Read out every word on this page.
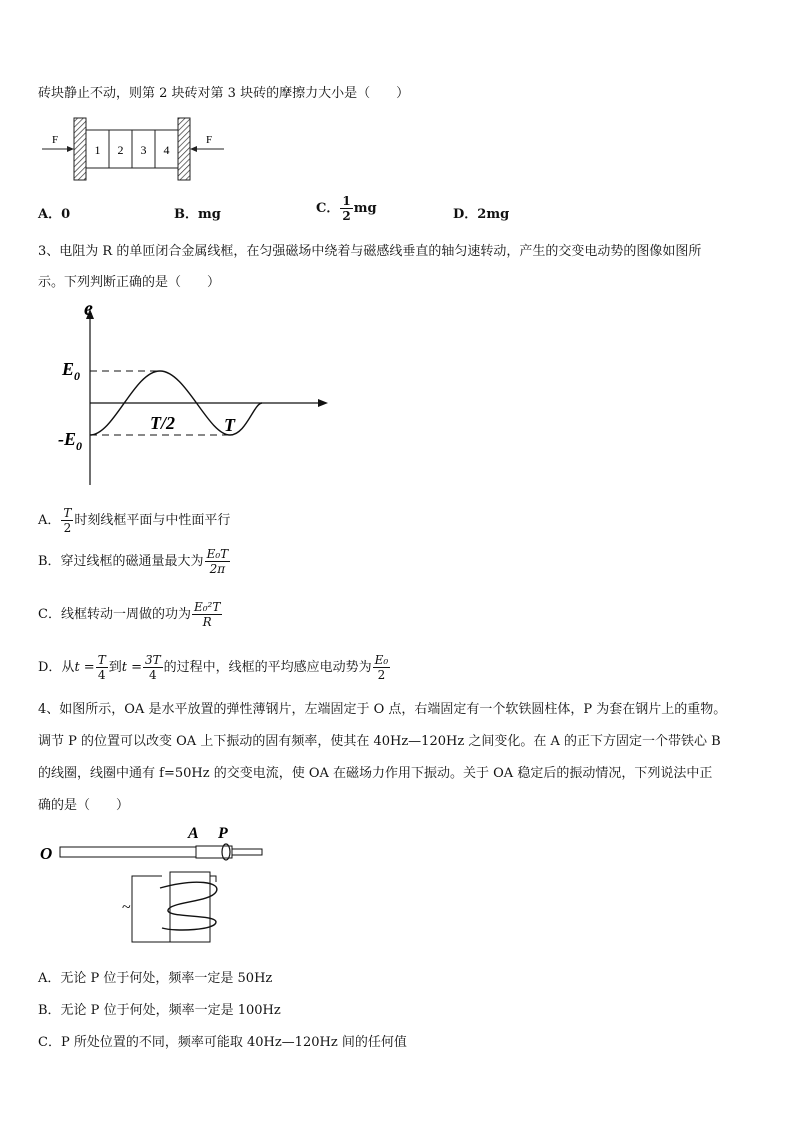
砖块静止不动，则第 2 块砖对第 3 块砖的摩擦力大小是（　　）
1 2 3 4
F	F
A．0	B．mg	C． $\frac{1}{2}$ mg	D．2mg
3、电阻为 R 的单匝闭合金属线框，在匀强磁场中绕着与磁感线垂直的轴匀速转动，产生的交变电动势的图像如图所
示。下列判断正确的是（　　）
e
$E_0$
$-E_0$
T/2	T
A． $\frac{T}{2}$ 时刻线框平面与中性面平行
B．穿过线框的磁通量最大为 $\frac{\text{E₀T}}{2\pi}$
C．线框转动一周做的功为 $\frac{\text{E₀²T}}{R}$
D．从$t = \frac{T}{4}$ 到$t = \frac{3T}{4}$ 的过程中，线框的平均感应电动势为 $\frac{\text{E₀}}{2}$
4、如图所示，OA 是水平放置的弹性薄钢片，左端固定于 O 点，右端固定有一个软铁圆柱体，P 为套在钢片上的重物。
调节 P 的位置可以改变 OA 上下振动的固有频率，使其在 40Hz—120Hz 之间变化。在 A 的正下方固定一个带铁心 B
的线圈，线圈中通有 f=50Hz 的交变电流，使 OA 在磁场力作用下振动。关于 OA 稳定后的振动情况，下列说法中正
确的是（　　）
O
A P
~
A．无论 P 位于何处，频率一定是 50Hz
B．无论 P 位于何处，频率一定是 100Hz
C．P 所处位置的不同，频率可能取 40Hz—120Hz 间的任何值
